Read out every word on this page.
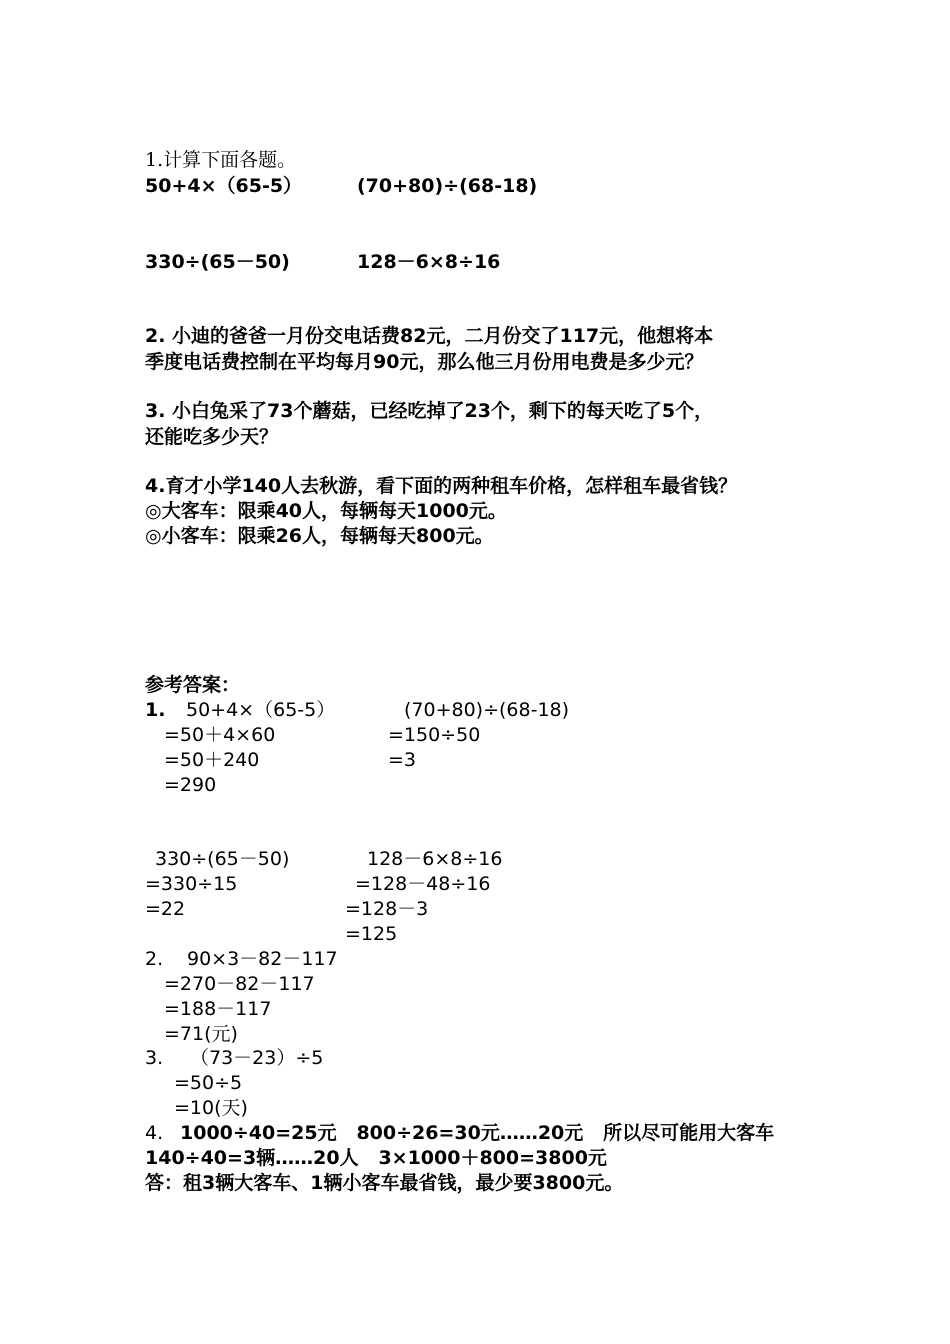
1.计算下面各题。
50+4×（65-5）	(70+80)÷(68-18)
330÷(65－50)	128－6×8÷16
2. 小迪的爸爸一月份交电话费82元，二月份交了117元，他想将本
季度电话费控制在平均每月90元，那么他三月份用电费是多少元？
3. 小白兔采了73个蘑菇，已经吃掉了23个，剩下的每天吃了5个，
还能吃多少天？
4.育才小学140人去秋游，看下面的两种租车价格，怎样租车最省钱？
◎大客车：限乘40人，每辆每天1000元。
◎小客车：限乘26人，每辆每天800元。
参考答案：
1. 50+4×（65-5）
=50＋4×60
=50＋240
=290
(70+80)÷(68-18)
=150÷50
=3
330÷(65－50)
=330÷15
=22
128－6×8÷16
=128－48÷16
=128－3
=125
2. 90×3－82－117
=270－82－117
=188－117
=71(元)
3. （73－23）÷5
=50÷5
=10(天)
4. 1000÷40=25元   800÷26=30元……20元   所以尽可能用大客车
140÷40=3辆……20人   3×1000＋800=3800元
答：租3辆大客车、1辆小客车最省钱，最少要3800元。
